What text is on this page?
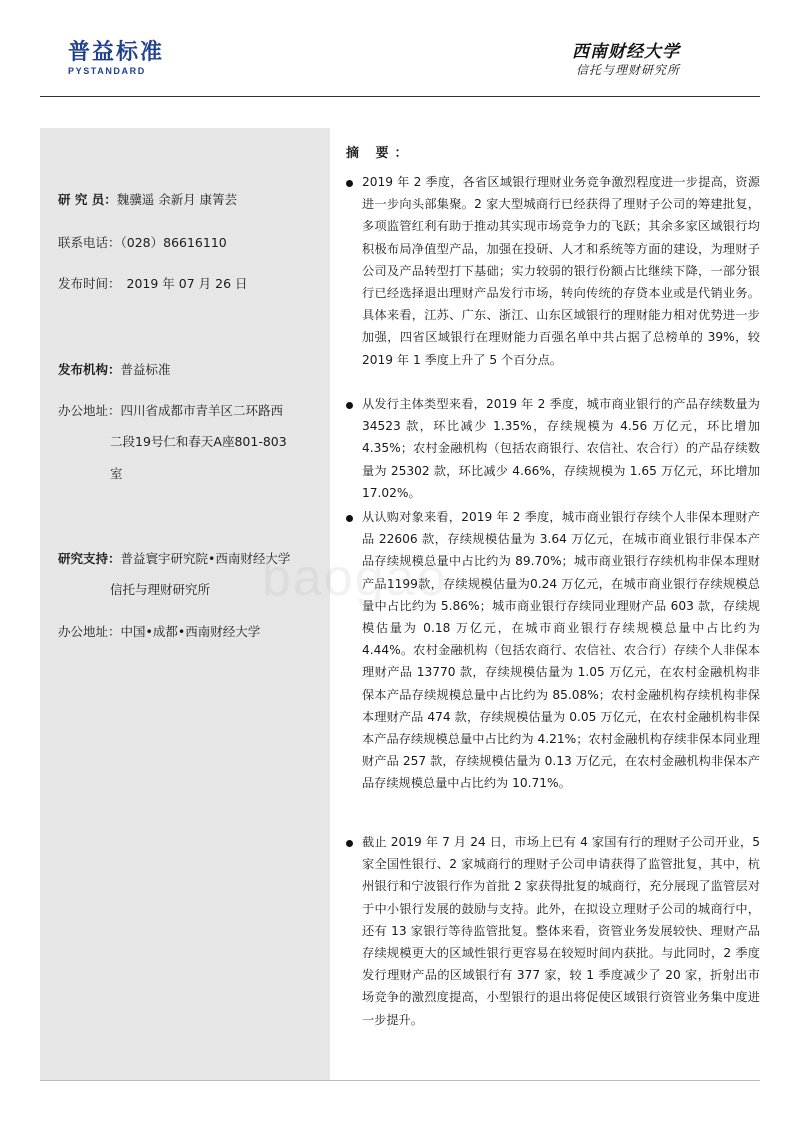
普益标准
PYSTANDARD
西南财经大学
信托与理财研究所
研 究 员：魏骥遥 余新月 康箐芸
联系电话：（028）86616110
发布时间： 2019 年 07 月 26 日
发布机构：普益标准
办公地址：四川省成都市青羊区二环路西
二段19号仁和春天A座801-803
室
研究支持：普益寰宇研究院•西南财经大学
信托与理财研究所
办公地址：中国•成都•西南财经大学
摘 要：
2019 年 2 季度，各省区域银行理财业务竞争激烈程度进一步提高，资源进一步向头部集聚。2 家大型城商行已经获得了理财子公司的筹建批复，多项监管红利有助于推动其实现市场竞争力的飞跃；其余多家区域银行均积极布局净值型产品，加强在投研、人才和系统等方面的建设，为理财子公司及产品转型打下基础；实力较弱的银行份额占比继续下降，一部分银行已经选择退出理财产品发行市场，转向传统的存贷本业或是代销业务。具体来看，江苏、广东、浙江、山东区域银行的理财能力相对优势进一步加强，四省区域银行在理财能力百强名单中共占据了总榜单的 39%，较 2019 年 1 季度上升了 5 个百分点。
从发行主体类型来看，2019 年 2 季度，城市商业银行的产品存续数量为 34523 款，环比减少 1.35%，存续规模为 4.56 万亿元，环比增加 4.35%；农村金融机构（包括农商银行、农信社、农合行）的产品存续数量为 25302 款，环比减少 4.66%，存续规模为 1.65 万亿元，环比增加 17.02%。
从认购对象来看，2019 年 2 季度，城市商业银行存续个人非保本理财产品 22606 款，存续规模估量为 3.64 万亿元，在城市商业银行非保本产品存续规模总量中占比约为 89.70%；城市商业银行存续机构非保本理财产品1199款，存续规模估量为0.24 万亿元，在城市商业银行存续规模总量中占比约为 5.86%；城市商业银行存续同业理财产品 603 款，存续规模估量为 0.18 万亿元，在城市商业银行存续规模总量中占比约为 4.44%。农村金融机构（包括农商行、农信社、农合行）存续个人非保本理财产品 13770 款，存续规模估量为 1.05 万亿元，在农村金融机构非保本产品存续规模总量中占比约为 85.08%；农村金融机构存续机构非保本理财产品 474 款，存续规模估量为 0.05 万亿元，在农村金融机构非保本产品存续规模总量中占比约为 4.21%；农村金融机构存续非保本同业理财产品 257 款，存续规模估量为 0.13 万亿元，在农村金融机构非保本产品存续规模总量中占比约为 10.71%。
截止 2019 年 7 月 24 日，市场上已有 4 家国有行的理财子公司开业，5 家全国性银行、2 家城商行的理财子公司申请获得了监管批复，其中，杭州银行和宁波银行作为首批 2 家获得批复的城商行，充分展现了监管层对于中小银行发展的鼓励与支持。此外，在拟设立理财子公司的城商行中，还有 13 家银行等待监管批复。整体来看，资管业务发展较快、理财产品存续规模更大的区域性银行更容易在较短时间内获批。与此同时，2 季度发行理财产品的区域银行有 377 家，较 1 季度减少了 20 家，折射出市场竞争的激烈度提高，小型银行的退出将促使区域银行资管业务集中度进一步提升。
baogao
